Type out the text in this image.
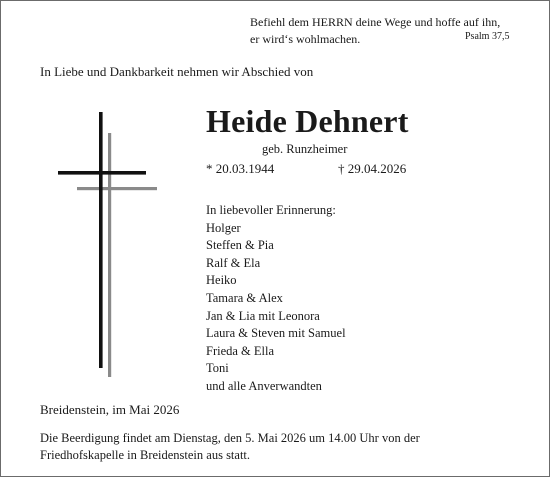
Befiehl dem HERRN deine Wege und hoffe auf ihn,
er wird‘s wohlmachen.	Psalm 37,5
In Liebe und Dankbarkeit nehmen wir Abschied von
Heide Dehnert
geb. Runzheimer
* 20.03.1944	† 29.04.2026
In liebevoller Erinnerung:
Holger
Steffen & Pia
Ralf & Ela
Heiko
Tamara & Alex
Jan & Lia mit Leonora
Laura & Steven mit Samuel
Frieda & Ella
Toni
und alle Anverwandten
Breidenstein, im Mai 2026
Die Beerdigung findet am Dienstag, den 5. Mai 2026 um 14.00 Uhr von der
Friedhofskapelle in Breidenstein aus statt.
